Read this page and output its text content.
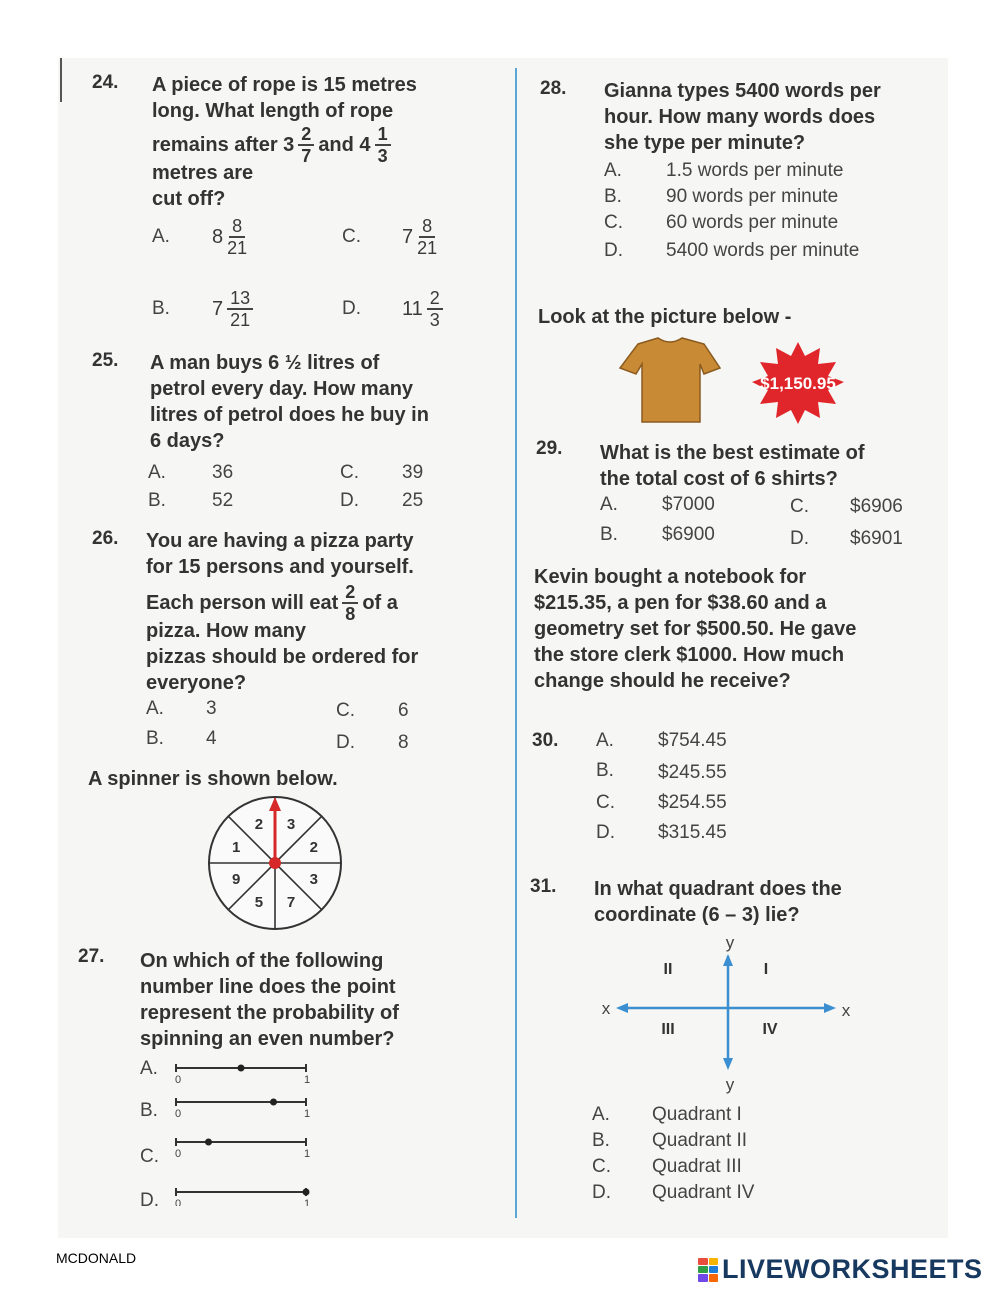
24. A piece of rope is 15 metres
long. What length of rope
remains after $3 \frac{2}{7}$ and $4 \frac{1}{3}$
metres are
cut off?
A. $8 \frac{8}{21}$	C. $7 \frac{8}{21}$
B. $7 \frac{13}{21}$	D. $11 \frac{2}{3}$
25. A man buys 6 ½ litres of
petrol every day. How many
litres of petrol does he buy in
6 days?
A. 36	C. 39
B. 52	D. 25
26. You are having a pizza party
for 15 persons and yourself.
Each person will eat $\frac{2}{8}$ of a
pizza. How many
pizzas should be ordered for
everyone?
A. 3	C. 6
B. 4	D. 8
A spinner is shown below.
3
2
3
7
5
9
1
2
27. On which of the following
number line does the point
represent the probability of
spinning an even number?
A.
B.
C.
D.
0	1
0	1
0	1
0	1
28. Gianna types 5400 words per
hour. How many words does
she type per minute?
A. 1.5 words per minute
B. 90 words per minute
C. 60 words per minute
D. 5400 words per minute
Look at the picture below -
$1,150.95
29. What is the best estimate of
the total cost of 6 shirts?
A. $7000	C. $6906
B. $6900	D. $6901
Kevin bought a notebook for
$215.35, a pen for $38.60 and a
geometry set for $500.50. He gave
the store clerk $1000. How much
change should he receive?
30. A. $754.45
B. $245.55
C. $254.55
D. $315.45
31. In what quadrant does the
coordinate (6 – 3) lie?
y
y
x	x
II	I
III	IV
A. Quadrant I
B. Quadrant II
C. Quadrat III
D. Quadrant IV
MCDONALD	LIVEWORKSHEETS
